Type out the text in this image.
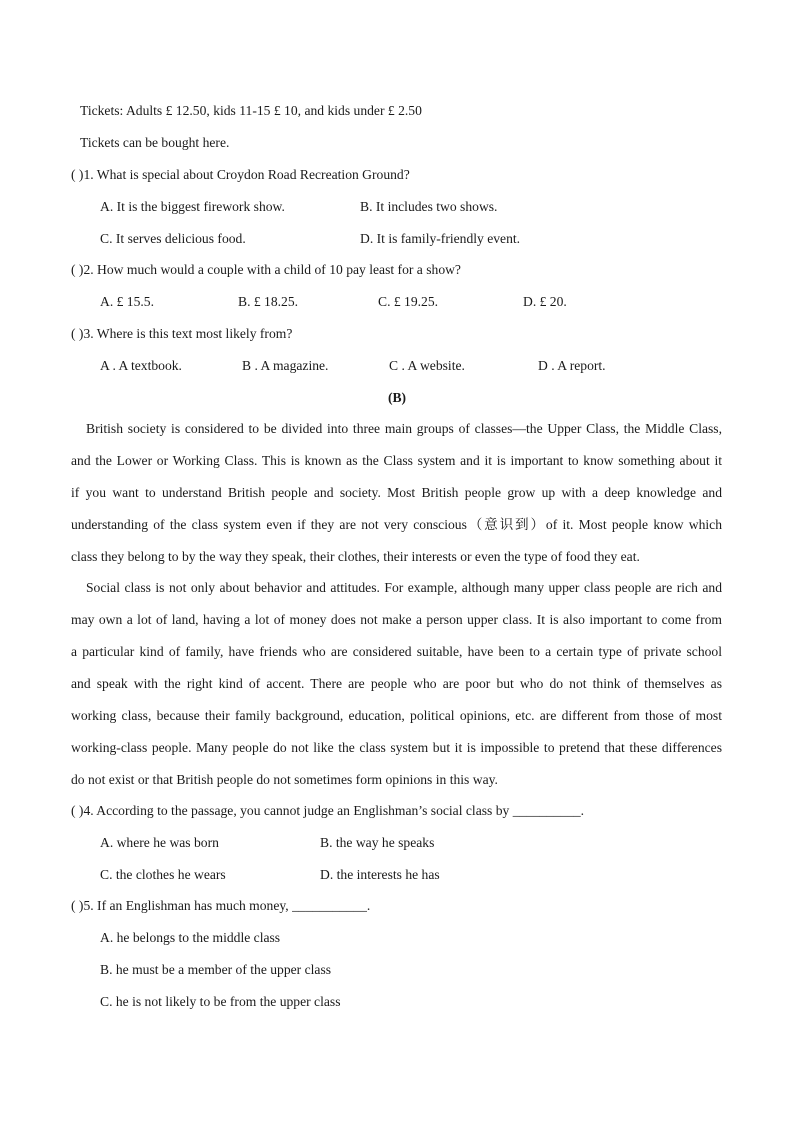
Tickets: Adults £ 12.50, kids 11-15 £ 10, and kids under £ 2.50
Tickets can be bought here.
( )1. What is special about Croydon Road Recreation Ground?
A. It is the biggest firework show.	B. It includes two shows.
C. It serves delicious food.	D. It is family-friendly event.
( )2. How much would a couple with a child of 10 pay least for a show?
A. £ 15.5.	B. £ 18.25.	C. £ 19.25.	D. £ 20.
( )3. Where is this text most likely from?
A . A textbook.	B . A magazine.	C . A website.	D . A report.
(B)
British society is considered to be divided into three main groups of classes—the Upper Class, the Middle Class,
and the Lower or Working Class. This is known as the Class system and it is important to know something about it
if you want to understand British people and society. Most British people grow up with a deep knowledge and
understanding of the class system even if they are not very conscious（意识到）of it. Most people know which
class they belong to by the way they speak, their clothes, their interests or even the type of food they eat.
Social class is not only about behavior and attitudes. For example, although many upper class people are rich and
may own a lot of land, having a lot of money does not make a person upper class. It is also important to come from
a particular kind of family, have friends who are considered suitable, have been to a certain type of private school
and speak with the right kind of accent. There are people who are poor but who do not think of themselves as
working class, because their family background, education, political opinions, etc. are different from those of most
working-class people. Many people do not like the class system but it is impossible to pretend that these differences
do not exist or that British people do not sometimes form opinions in this way.
( )4. According to the passage, you cannot judge an Englishman’s social class by __________.
A. where he was born	B. the way he speaks
C. the clothes he wears	D. the interests he has
( )5. If an Englishman has much money, ___________.
A. he belongs to the middle class
B. he must be a member of the upper class
C. he is not likely to be from the upper class
